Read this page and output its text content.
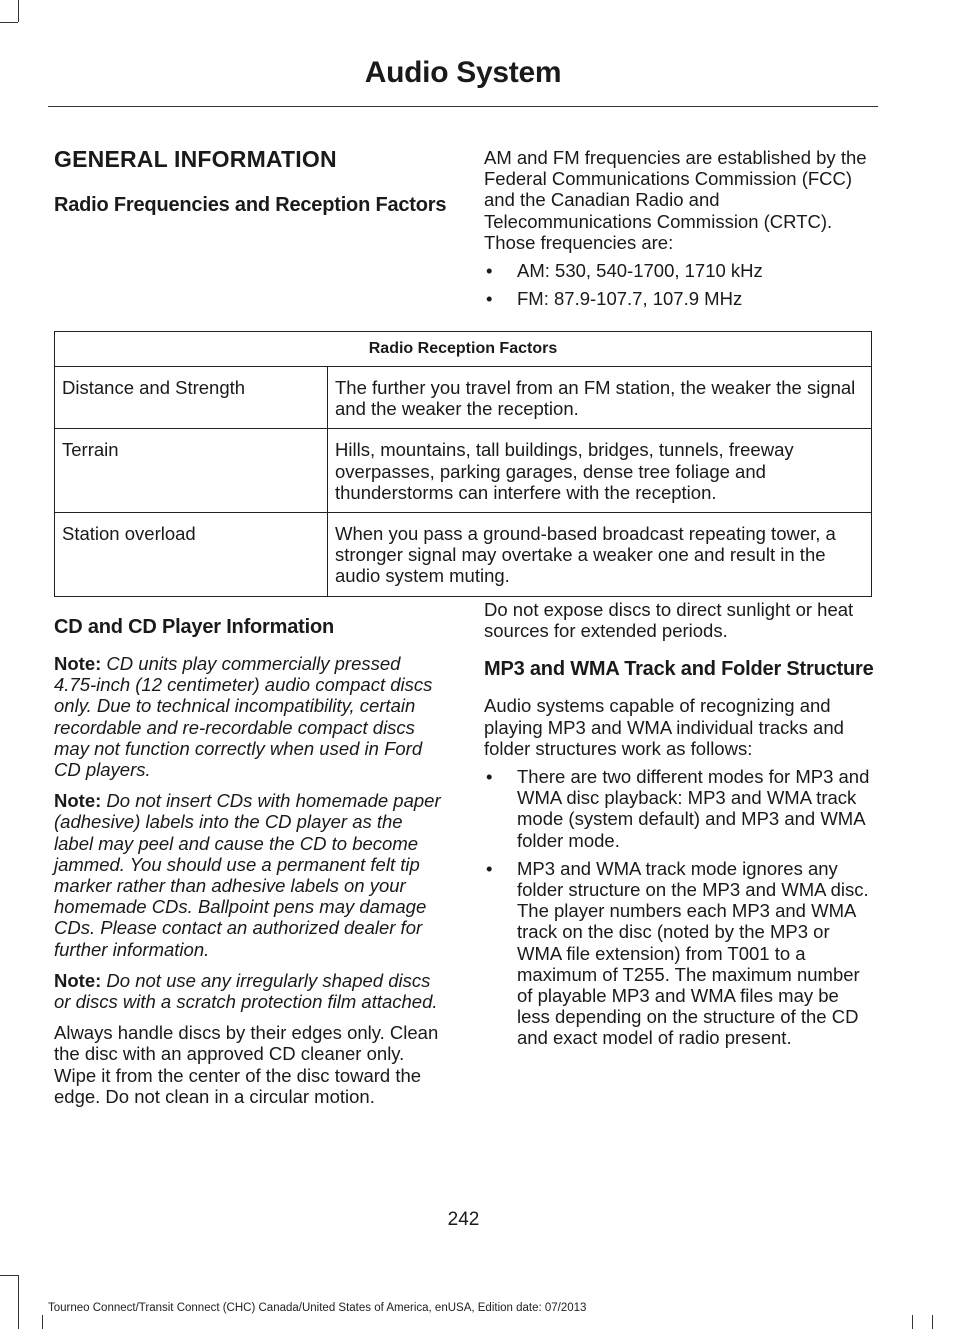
Audio System
GENERAL INFORMATION
Radio Frequencies and Reception Factors

AM and FM frequencies are established by the Federal Communications Commission (FCC) and the Canadian Radio and Telecommunications Commission (CRTC). Those frequencies are:

• AM: 530, 540-1700, 1710 kHz
• FM: 87.9-107.7, 107.9 MHz
Radio Reception Factors	
Distance and Strength	The further you travel from an FM station, the weaker the signal and the weaker the reception.
Terrain	Hills, mountains, tall buildings, bridges, tunnels, freeway overpasses, parking garages, dense tree foliage and thunderstorms can interfere with the reception.
Station overload	When you pass a ground-based broadcast repeating tower, a stronger signal may overtake a weaker one and result in the audio system muting.
CD and CD Player Information

Note: CD units play commercially pressed 4.75-inch (12 centimeter) audio compact discs only. Due to technical incompatibility, certain recordable and re-recordable compact discs may not function correctly when used in Ford CD players.

Note: Do not insert CDs with homemade paper (adhesive) labels into the CD player as the label may peel and cause the CD to become jammed. You should use a permanent felt tip marker rather than adhesive labels on your homemade CDs. Ballpoint pens may damage CDs. Please contact an authorized dealer for further information.

Note: Do not use any irregularly shaped discs or discs with a scratch protection film attached.

Always handle discs by their edges only. Clean the disc with an approved CD cleaner only. Wipe it from the center of the disc toward the edge. Do not clean in a circular motion.

Do not expose discs to direct sunlight or heat sources for extended periods.

MP3 and WMA Track and Folder Structure

Audio systems capable of recognizing and playing MP3 and WMA individual tracks and folder structures work as follows:

• There are two different modes for MP3 and WMA disc playback: MP3 and WMA track mode (system default) and MP3 and WMA folder mode.
• MP3 and WMA track mode ignores any folder structure on the MP3 and WMA disc. The player numbers each MP3 and WMA track on the disc (noted by the MP3 or WMA file extension) from T001 to a maximum of T255. The maximum number of playable MP3 and WMA files may be less depending on the structure of the CD and exact model of radio present.
242
Tourneo Connect/Transit Connect (CHC) Canada/United States of America, enUSA, Edition date: 07/2013
